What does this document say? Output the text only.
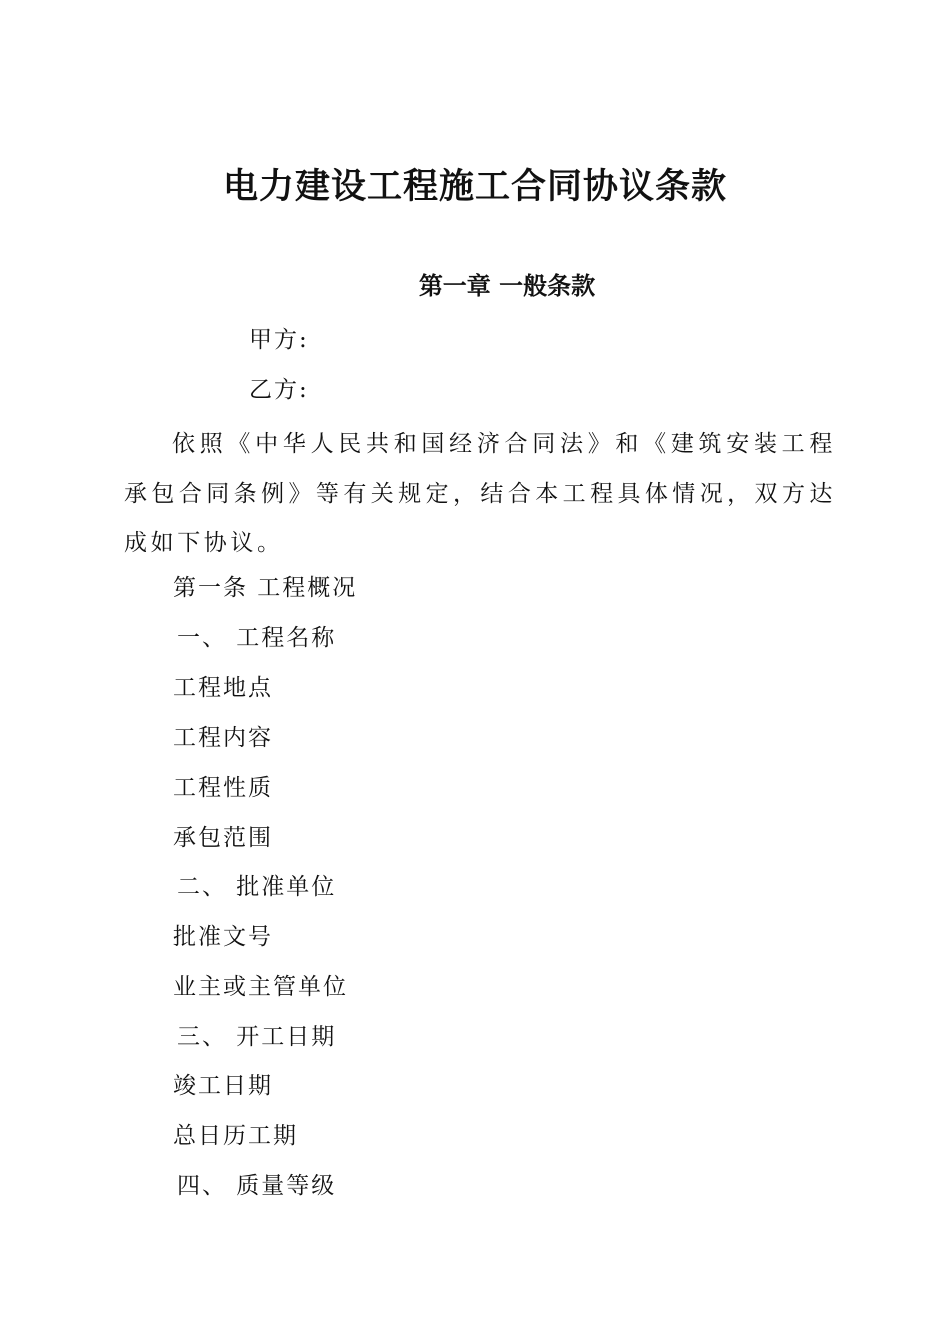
电力建设工程施工合同协议条款
第一章 一般条款
甲方:
乙方:
依照《中华人民共和国经济合同法》和《建筑安装工程承包合同条例》等有关规定，结合本工程具体情况，双方达成如下协议。
第一条 工程概况
一、 工程名称
工程地点
工程内容
工程性质
承包范围
二、 批准单位
批准文号
业主或主管单位
三、 开工日期
竣工日期
总日历工期
四、 质量等级
